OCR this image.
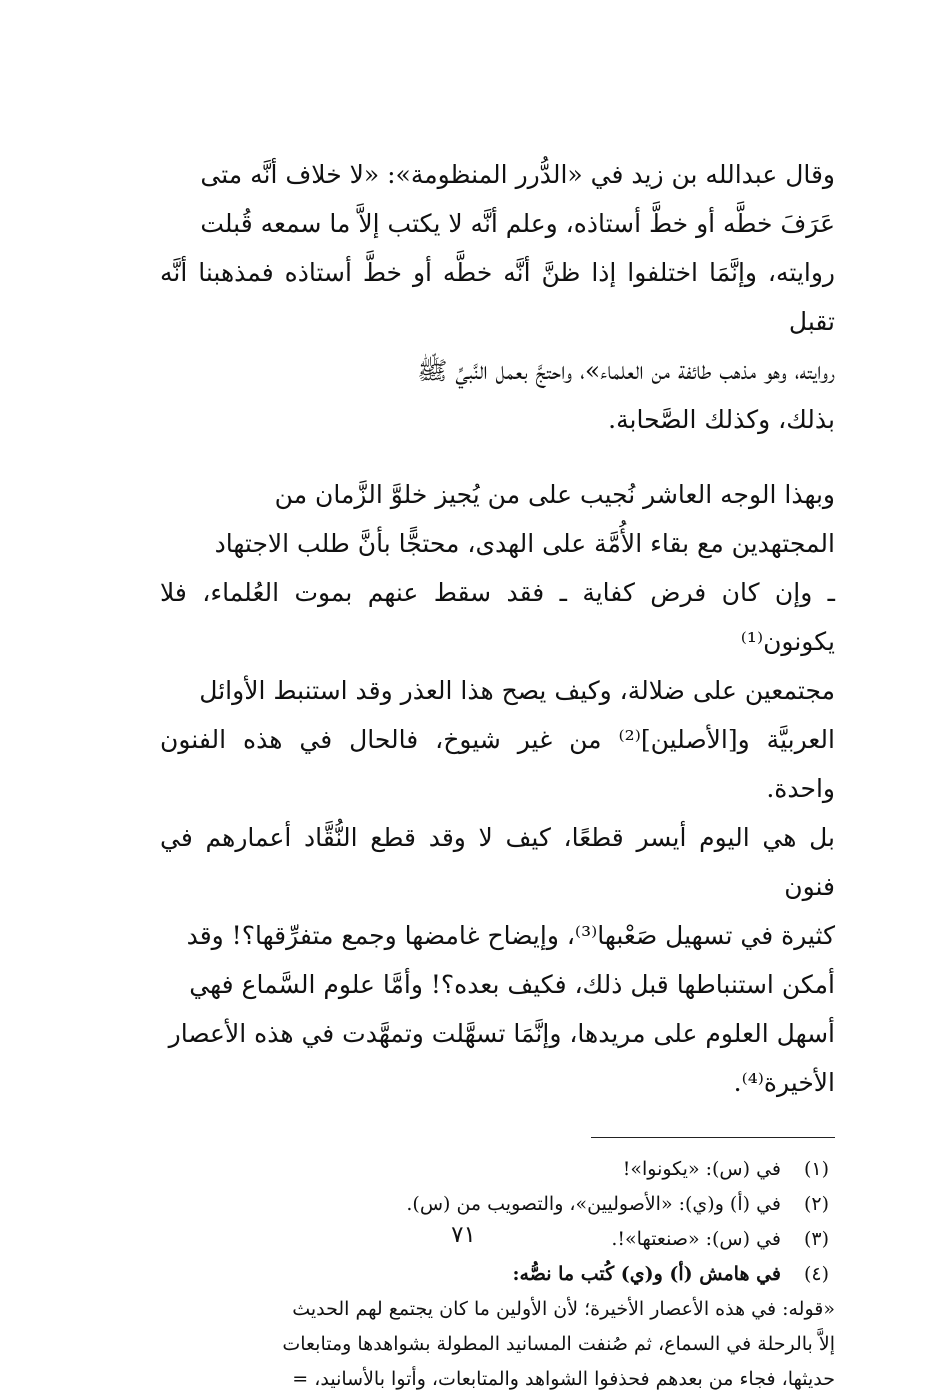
وقال عبدالله بن زيد في «الدُّرر المنظومة»: «لا خلاف أنَّه متى

عَرَفَ خطَّه أو خطَّ أستاذه، وعلم أنَّه لا يكتب إلاَّ ما سمعه قُبلت

روايته، وإنَّمَا اختلفوا إذا ظنَّ أنَّه خطَّه أو خطَّ أستاذه فمذهبنا أنَّه تقبل

روايته، وهو مذهب طائفة من العلماء»، واحتجَّ بعمل النَّبيِّ ﷺ

بذلك، وكذلك الصَّحابة.

وبهذا الوجه العاشر نُجيب على من يُجيز خلوَّ الزَّمان من

المجتهدين مع بقاء الأُمَّة على الهدى، محتجًّا بأنَّ طلب الاجتهاد

ـ وإن كان فرض كفاية ـ فقد سقط عنهم بموت العُلماء، فلا يكونون⁽¹⁾

مجتمعين على ضلالة، وكيف يصح هذا العذر وقد استنبط الأوائل

العربيَّة و[الأصلين]⁽²⁾ من غير شيوخ، فالحال في هذه الفنون واحدة.

بل هي اليوم أيسر قطعًا، كيف لا وقد قطع النُّقَّاد أعمارهم في فنون

كثيرة في تسهيل صَعْبها⁽³⁾، وإيضاح غامضها وجمع متفرِّقها؟! وقد

أمكن استنباطها قبل ذلك، فكيف بعده؟! وأمَّا علوم السَّماع فهي

أسهل العلوم على مريدها، وإنَّمَا تسهَّلت وتمهَّدت في هذه الأعصار

الأخيرة⁽⁴⁾.

(١)
في (س): «يكونوا»!
(٢)
في (أ) و(ي): «الأصوليين»، والتصويب من (س).
(٣)
في (س): «صنعتها»!.
(٤)
في هامش (أ) و(ي) كُتب ما نصُّه:
«قوله: في هذه الأعصار الأخيرة؛ لأن الأولين ما كان يجتمع لهم الحديث
إلاَّ بالرحلة في السماع، ثم صُنفت المسانيد المطولة بشواهدها ومتابعات
حديثها، فجاء من بعدهم فحذفوا الشواهد والمتابعات، وأتوا بالأسانيد، =
٧١
